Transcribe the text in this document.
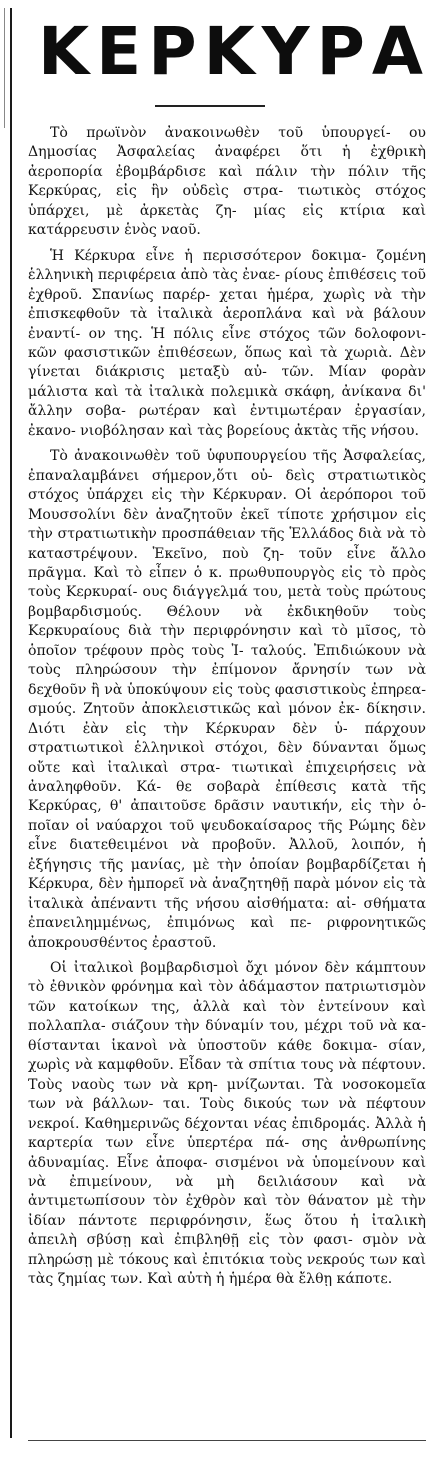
ΚΕΡΚΥΡΑ

Τὸ πρωϊνὸν ἀνακοινωθὲν τοῦ ὑπουργεί- ου Δημοσίας Ἀσφαλείας ἀναφέρει ὅτι ἡ ἐχθρικὴ ἀεροπορία ἐβομβάρδισε καὶ πάλιν τὴν πόλιν τῆς Κερκύρας, εἰς ἣν οὐδεὶς στρα- τιωτικὸς στόχος ὑπάρχει, μὲ ἀρκετὰς ζη- μίας εἰς κτίρια καὶ κατάρρευσιν ἑνὸς ναοῦ.

Ἡ Κέρκυρα εἶνε ἡ περισσότερον δοκιμα- ζομένη ἑλληνικὴ περιφέρεια ἀπὸ τὰς ἐναε- ρίους ἐπιθέσεις τοῦ ἐχθροῦ. Σπανίως παρέρ- χεται ἡμέρα, χωρὶς νὰ τὴν ἐπισκεφθοῦν τὰ ἰταλικὰ ἀεροπλάνα καὶ νὰ βάλουν ἐναντί- ον της. Ἡ πόλις εἶνε στόχος τῶν δολοφονι- κῶν φασιστικῶν ἐπιθέσεων, ὅπως καὶ τὰ χωριὰ. Δὲν γίνεται διάκρισις μεταξὺ αὐ- τῶν. Μίαν φορὰν μάλιστα καὶ τὰ ἰταλικὰ πολεμικὰ σκάφη, ἀνίκανα δι' ἄλλην σοβα- ρωτέραν καὶ ἐντιμωτέραν ἐργασίαν, ἐκανο- νιοβόλησαν καὶ τὰς βορείους ἀκτὰς τῆς νήσου.

Τὸ ἀνακοινωθὲν τοῦ ὑφυπουργείου τῆς Ἀσφαλείας, ἐπαναλαμβάνει σήμερον,ὅτι οὐ- δεὶς στρατιωτικὸς στόχος ὑπάρχει εἰς τὴν Κέρκυραν. Οἱ ἀερόποροι τοῦ Μουσσολίνι δὲν ἀναζητοῦν ἐκεῖ τίποτε χρήσιμον εἰς τὴν στρατιωτικὴν προσπάθειαν τῆς Ἑλλάδος διὰ νὰ τὸ καταστρέψουν. Ἐκεῖνο, ποὺ ζη- τοῦν εἶνε ἄλλο πρᾶγμα. Καὶ τὸ εἶπεν ὁ κ. πρωθυπουργὸς εἰς τὸ πρὸς τοὺς Κερκυραί- ους διάγγελμά του, μετὰ τοὺς πρώτους βομβαρδισμούς. Θέλουν νὰ ἐκδικηθοῦν τοὺς Κερκυραίους διὰ τὴν περιφρόνησιν καὶ τὸ μῖσος, τὸ ὁποῖον τρέφουν πρὸς τοὺς Ἰ- ταλούς. Ἐπιδιώκουν νὰ τοὺς πληρώσουν τὴν ἐπίμονον ἄρνησίν των νὰ δεχθοῦν ἢ νὰ ὑποκύψουν εἰς τοὺς φασιστικοὺς ἐπηρεα- σμούς. Ζητοῦν ἀποκλειστικῶς καὶ μόνον ἐκ- δίκησιν. Διότι ἐὰν εἰς τὴν Κέρκυραν δὲν ὑ- πάρχουν στρατιωτικοὶ ἑλληνικοὶ στόχοι, δὲν δύνανται ὅμως οὔτε καὶ ἰταλικαὶ στρα- τιωτικαὶ ἐπιχειρήσεις νὰ ἀναληφθοῦν. Κά- θε σοβαρὰ ἐπίθεσις κατὰ τῆς Κερκύρας, θ' ἀπαιτοῦσε δρᾶσιν ναυτικήν, εἰς τὴν ὁ- ποῖαν οἱ ναύαρχοι τοῦ ψευδοκαίσαρος τῆς Ρώμης δὲν εἶνε διατεθειμένοι νὰ προβοῦν. Ἀλλοῦ, λοιπόν, ἡ ἐξήγησις τῆς μανίας, μὲ τὴν ὁποίαν βομβαρδίζεται ἡ Κέρκυρα, δὲν ἠμπορεῖ νὰ ἀναζητηθῇ παρὰ μόνον εἰς τὰ ἰταλικὰ ἀπέναντι τῆς νήσου αἰσθήματα: αἰ- σθήματα ἐπανειλημμένως, ἐπιμόνως καὶ πε- ριφρονητικῶς ἀποκρουσθέντος ἐραστοῦ.

Οἱ ἰταλικοὶ βομβαρδισμοὶ ὄχι μόνον δὲν κάμπτουν τὸ ἐθνικὸν φρόνημα καὶ τὸν ἀδάμαστον πατριωτισμὸν τῶν κατοίκων της, ἀλλὰ καὶ τὸν ἐντείνουν καὶ πολλαπλα- σιάζουν τὴν δύναμίν του, μέχρι τοῦ νὰ κα- θίστανται ἱκανοὶ νὰ ὑποστοῦν κάθε δοκιμα- σίαν, χωρὶς νὰ καμφθοῦν. Εἶδαν τὰ σπίτια τους νὰ πέφτουν. Τοὺς ναοὺς των νὰ κρη- μνίζωνται. Τὰ νοσοκομεῖα των νὰ βάλλων- ται. Τοὺς δικούς των νὰ πέφτουν νεκροί. Καθημερινῶς δέχονται νέας ἐπιδρομάς. Ἀλλὰ ἡ καρτερία των εἶνε ὑπερτέρα πά- σης ἀνθρωπίνης ἀδυναμίας. Εἶνε ἀποφα- σισμένοι νὰ ὑπομείνουν καὶ νὰ ἐπιμείνουν, νὰ μὴ δειλιάσουν καὶ νὰ ἀντιμετωπίσουν τὸν ἐχθρὸν καὶ τὸν θάνατον μὲ τὴν ἰδίαν πάντοτε περιφρόνησιν, ἕως ὅτου ἡ ἰταλικὴ ἀπειλὴ σβύσῃ καὶ ἐπιβληθῇ εἰς τὸν φασι- σμὸν νὰ πληρώσῃ μὲ τόκους καὶ ἐπιτόκια τοὺς νεκρούς των καὶ τὰς ζημίας των. Καὶ αὐτὴ ἡ ἡμέρα θὰ ἔλθῃ κάποτε.
